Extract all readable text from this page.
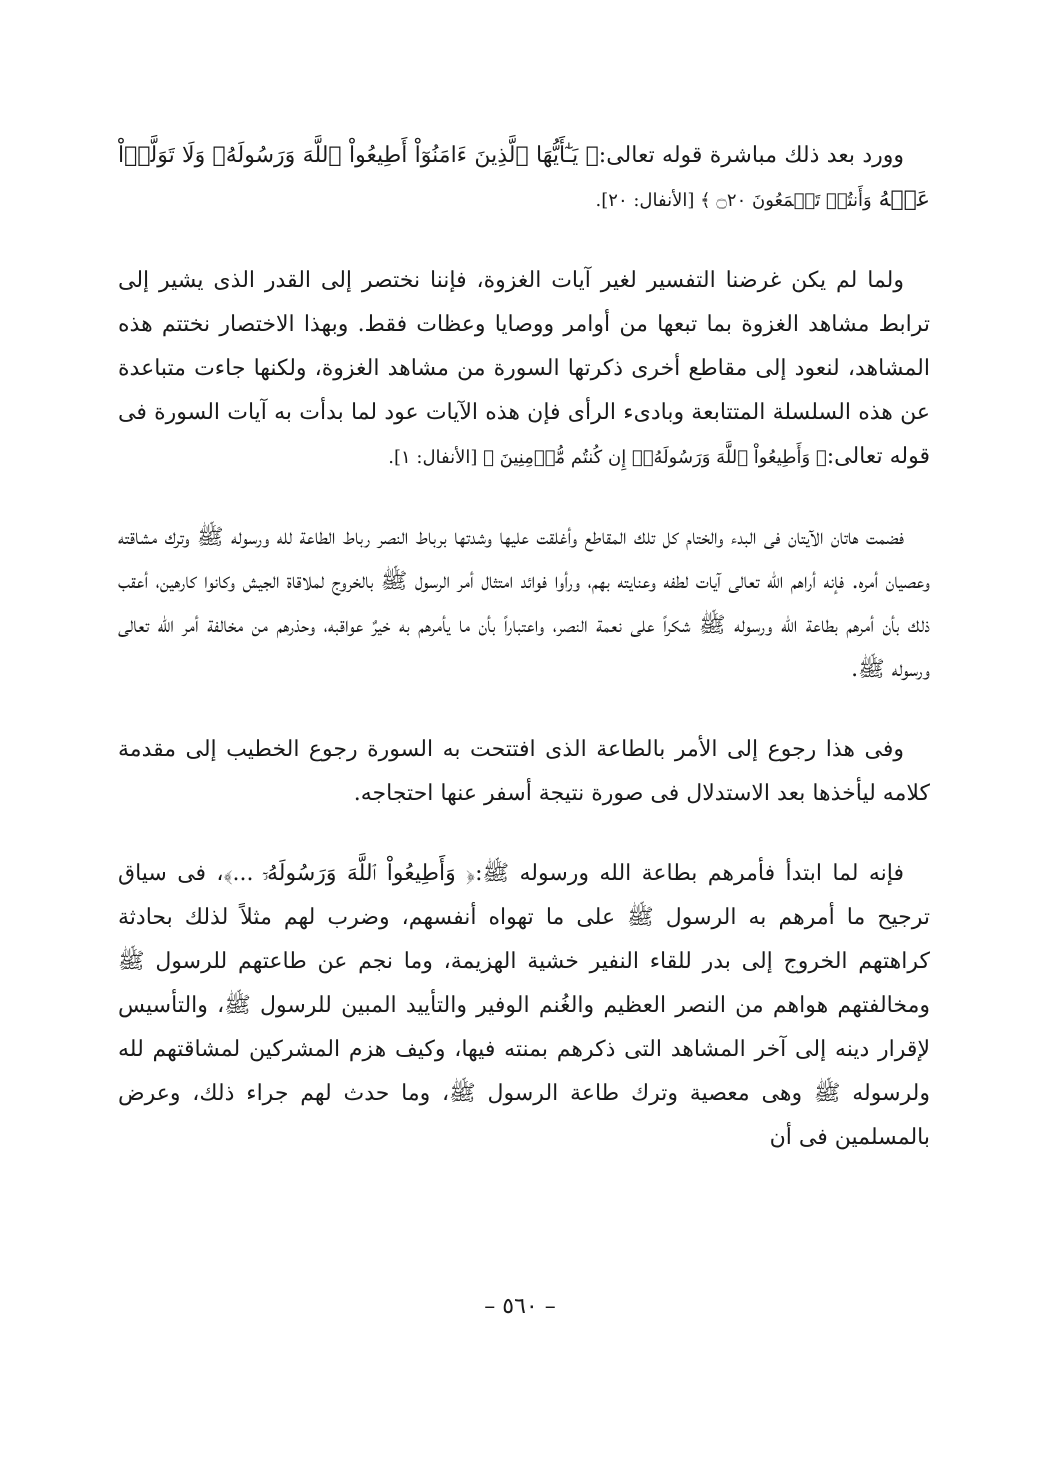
وورد بعد ذلك مباشرة قوله تعالى:﴿ يَـٰٓأَيُّهَا ٱلَّذِينَ ءَامَنُوٓاْ أَطِيعُواْ ٱللَّهَ وَرَسُولَهُۥ وَلَا تَوَلَّوۡاْ عَنۡهُ وَأَنتُمۡ تَسۡمَعُونَ ۝٢٠ ﴾ [الأنفال: ٢٠].

ولما لم يكن غرضنا التفسير لغير آيات الغزوة، فإننا نختصر إلى القدر الذى يشير إلى ترابط مشاهد الغزوة بما تبعها من أوامر ووصايا وعظات فقط. وبهذا الاختصار نختتم هذه المشاهد، لنعود إلى مقاطع أخرى ذكرتها السورة من مشاهد الغزوة، ولكنها جاءت متباعدة عن هذه السلسلة المتتابعة وبادىء الرأى فإن هذه الآيات عود لما بدأت به آيات السورة فى قوله تعالى:﴿ وَأَطِيعُواْ ٱللَّهَ وَرَسُولَهُۥٓ إِن كُنتُم مُّؤۡمِنِينَ ﴾ [الأنفال: ١].

فضمت هاتان الآيتان فى البدء والختام كل تلك المقاطع وأغلقت عليها وشدتها برباط النصر رباط الطاعة لله ورسوله ﷺ وترك مشاقته وعصيان أمره. فإنه أراهم الله تعالى آيات لطفه وعنايته بهم، ورأوا فوائد امتثال أمر الرسول ﷺ بالخروج لملاقاة الجيش وكانوا كارهين، أعقب ذلك بأن أمرهم بطاعة الله ورسوله ﷺ شكراً على نعمة النصر، واعتباراً بأن ما يأمرهم به خيرٌ عواقبه، وحذرهم من مخالفة أمر الله تعالى ورسوله ﷺ.

وفى هذا رجوع إلى الأمر بالطاعة الذى افتتحت به السورة رجوع الخطيب إلى مقدمة كلامه ليأخذها بعد الاستدلال فى صورة نتيجة أسفر عنها احتجاجه.

فإنه لما ابتدأ فأمرهم بطاعة الله ورسوله ﷺ:﴿ وَأَطِيعُواْ ٱللَّهَ وَرَسُولَهُۥٓ ...﴾، فى سياق ترجيح ما أمرهم به الرسول ﷺ على ما تهواه أنفسهم، وضرب لهم مثلاً لذلك بحادثة كراهتهم الخروج إلى بدر للقاء النفير خشية الهزيمة، وما نجم عن طاعتهم للرسول ﷺ ومخالفتهم هواهم من النصر العظيم والغُنم الوفير والتأييد المبين للرسول ﷺ، والتأسيس لإقرار دينه إلى آخر المشاهد التى ذكرهم بمنته فيها، وكيف هزم المشركين لمشاقتهم لله ولرسوله ﷺ وهى معصية وترك طاعة الرسول ﷺ، وما حدث لهم جراء ذلك، وعرض بالمسلمين فى أن

– ٥٦٠ –
